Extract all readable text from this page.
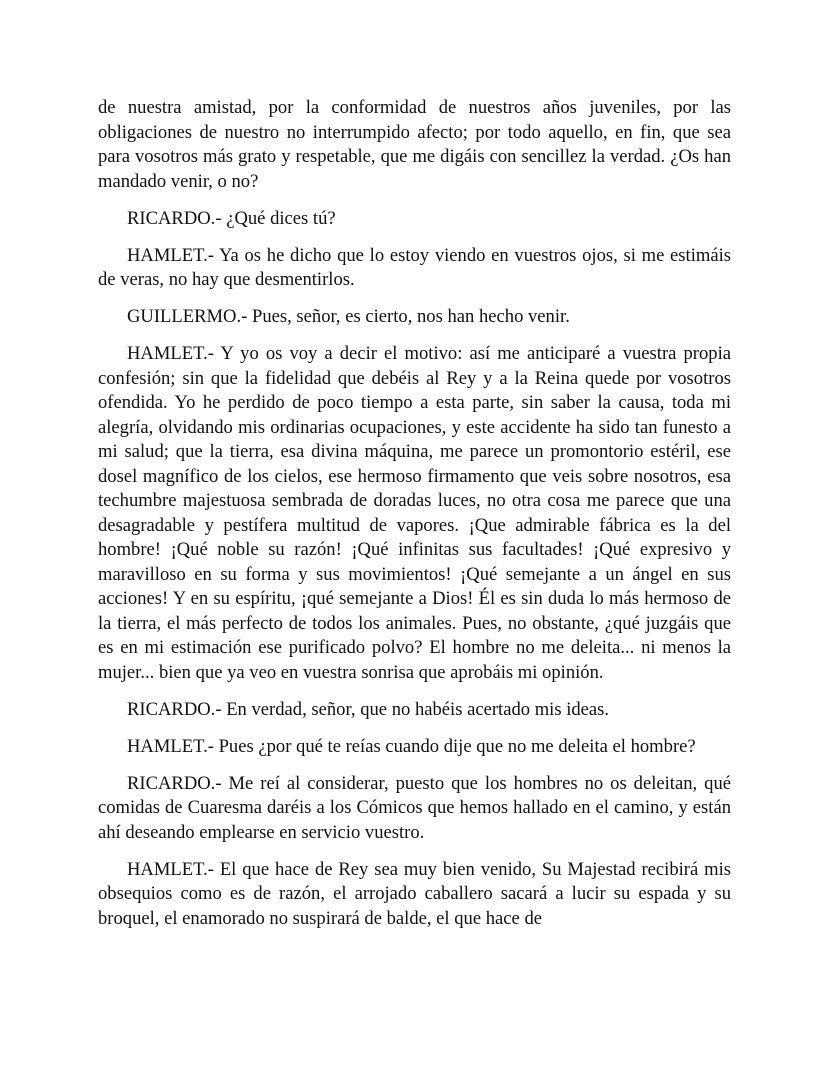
de nuestra amistad, por la conformidad de nuestros años juveniles, por las obligaciones de nuestro no interrumpido afecto; por todo aquello, en fin, que sea para vosotros más grato y respetable, que me digáis con sencillez la verdad. ¿Os han mandado venir, o no?

RICARDO.- ¿Qué dices tú?

HAMLET.- Ya os he dicho que lo estoy viendo en vuestros ojos, si me estimáis de veras, no hay que desmentirlos.

GUILLERMO.- Pues, señor, es cierto, nos han hecho venir.

HAMLET.- Y yo os voy a decir el motivo: así me anticiparé a vuestra propia confesión; sin que la fidelidad que debéis al Rey y a la Reina quede por vosotros ofendida. Yo he perdido de poco tiempo a esta parte, sin saber la causa, toda mi alegría, olvidando mis ordinarias ocupaciones, y este accidente ha sido tan funesto a mi salud; que la tierra, esa divina máquina, me parece un promontorio estéril, ese dosel magnífico de los cielos, ese hermoso firmamento que veis sobre nosotros, esa techumbre majestuosa sembrada de doradas luces, no otra cosa me parece que una desagradable y pestífera multitud de vapores. ¡Que admirable fábrica es la del hombre! ¡Qué noble su razón! ¡Qué infinitas sus facultades! ¡Qué expresivo y maravilloso en su forma y sus movimientos! ¡Qué semejante a un ángel en sus acciones! Y en su espíritu, ¡qué semejante a Dios! Él es sin duda lo más hermoso de la tierra, el más perfecto de todos los animales. Pues, no obstante, ¿qué juzgáis que es en mi estimación ese purificado polvo? El hombre no me deleita... ni menos la mujer... bien que ya veo en vuestra sonrisa que aprobáis mi opinión.

RICARDO.- En verdad, señor, que no habéis acertado mis ideas.

HAMLET.- Pues ¿por qué te reías cuando dije que no me deleita el hombre?

RICARDO.- Me reí al considerar, puesto que los hombres no os deleitan, qué comidas de Cuaresma daréis a los Cómicos que hemos hallado en el camino, y están ahí deseando emplearse en servicio vuestro.

HAMLET.- El que hace de Rey sea muy bien venido, Su Majestad recibirá mis obsequios como es de razón, el arrojado caballero sacará a lucir su espada y su broquel, el enamorado no suspirará de balde, el que hace de
